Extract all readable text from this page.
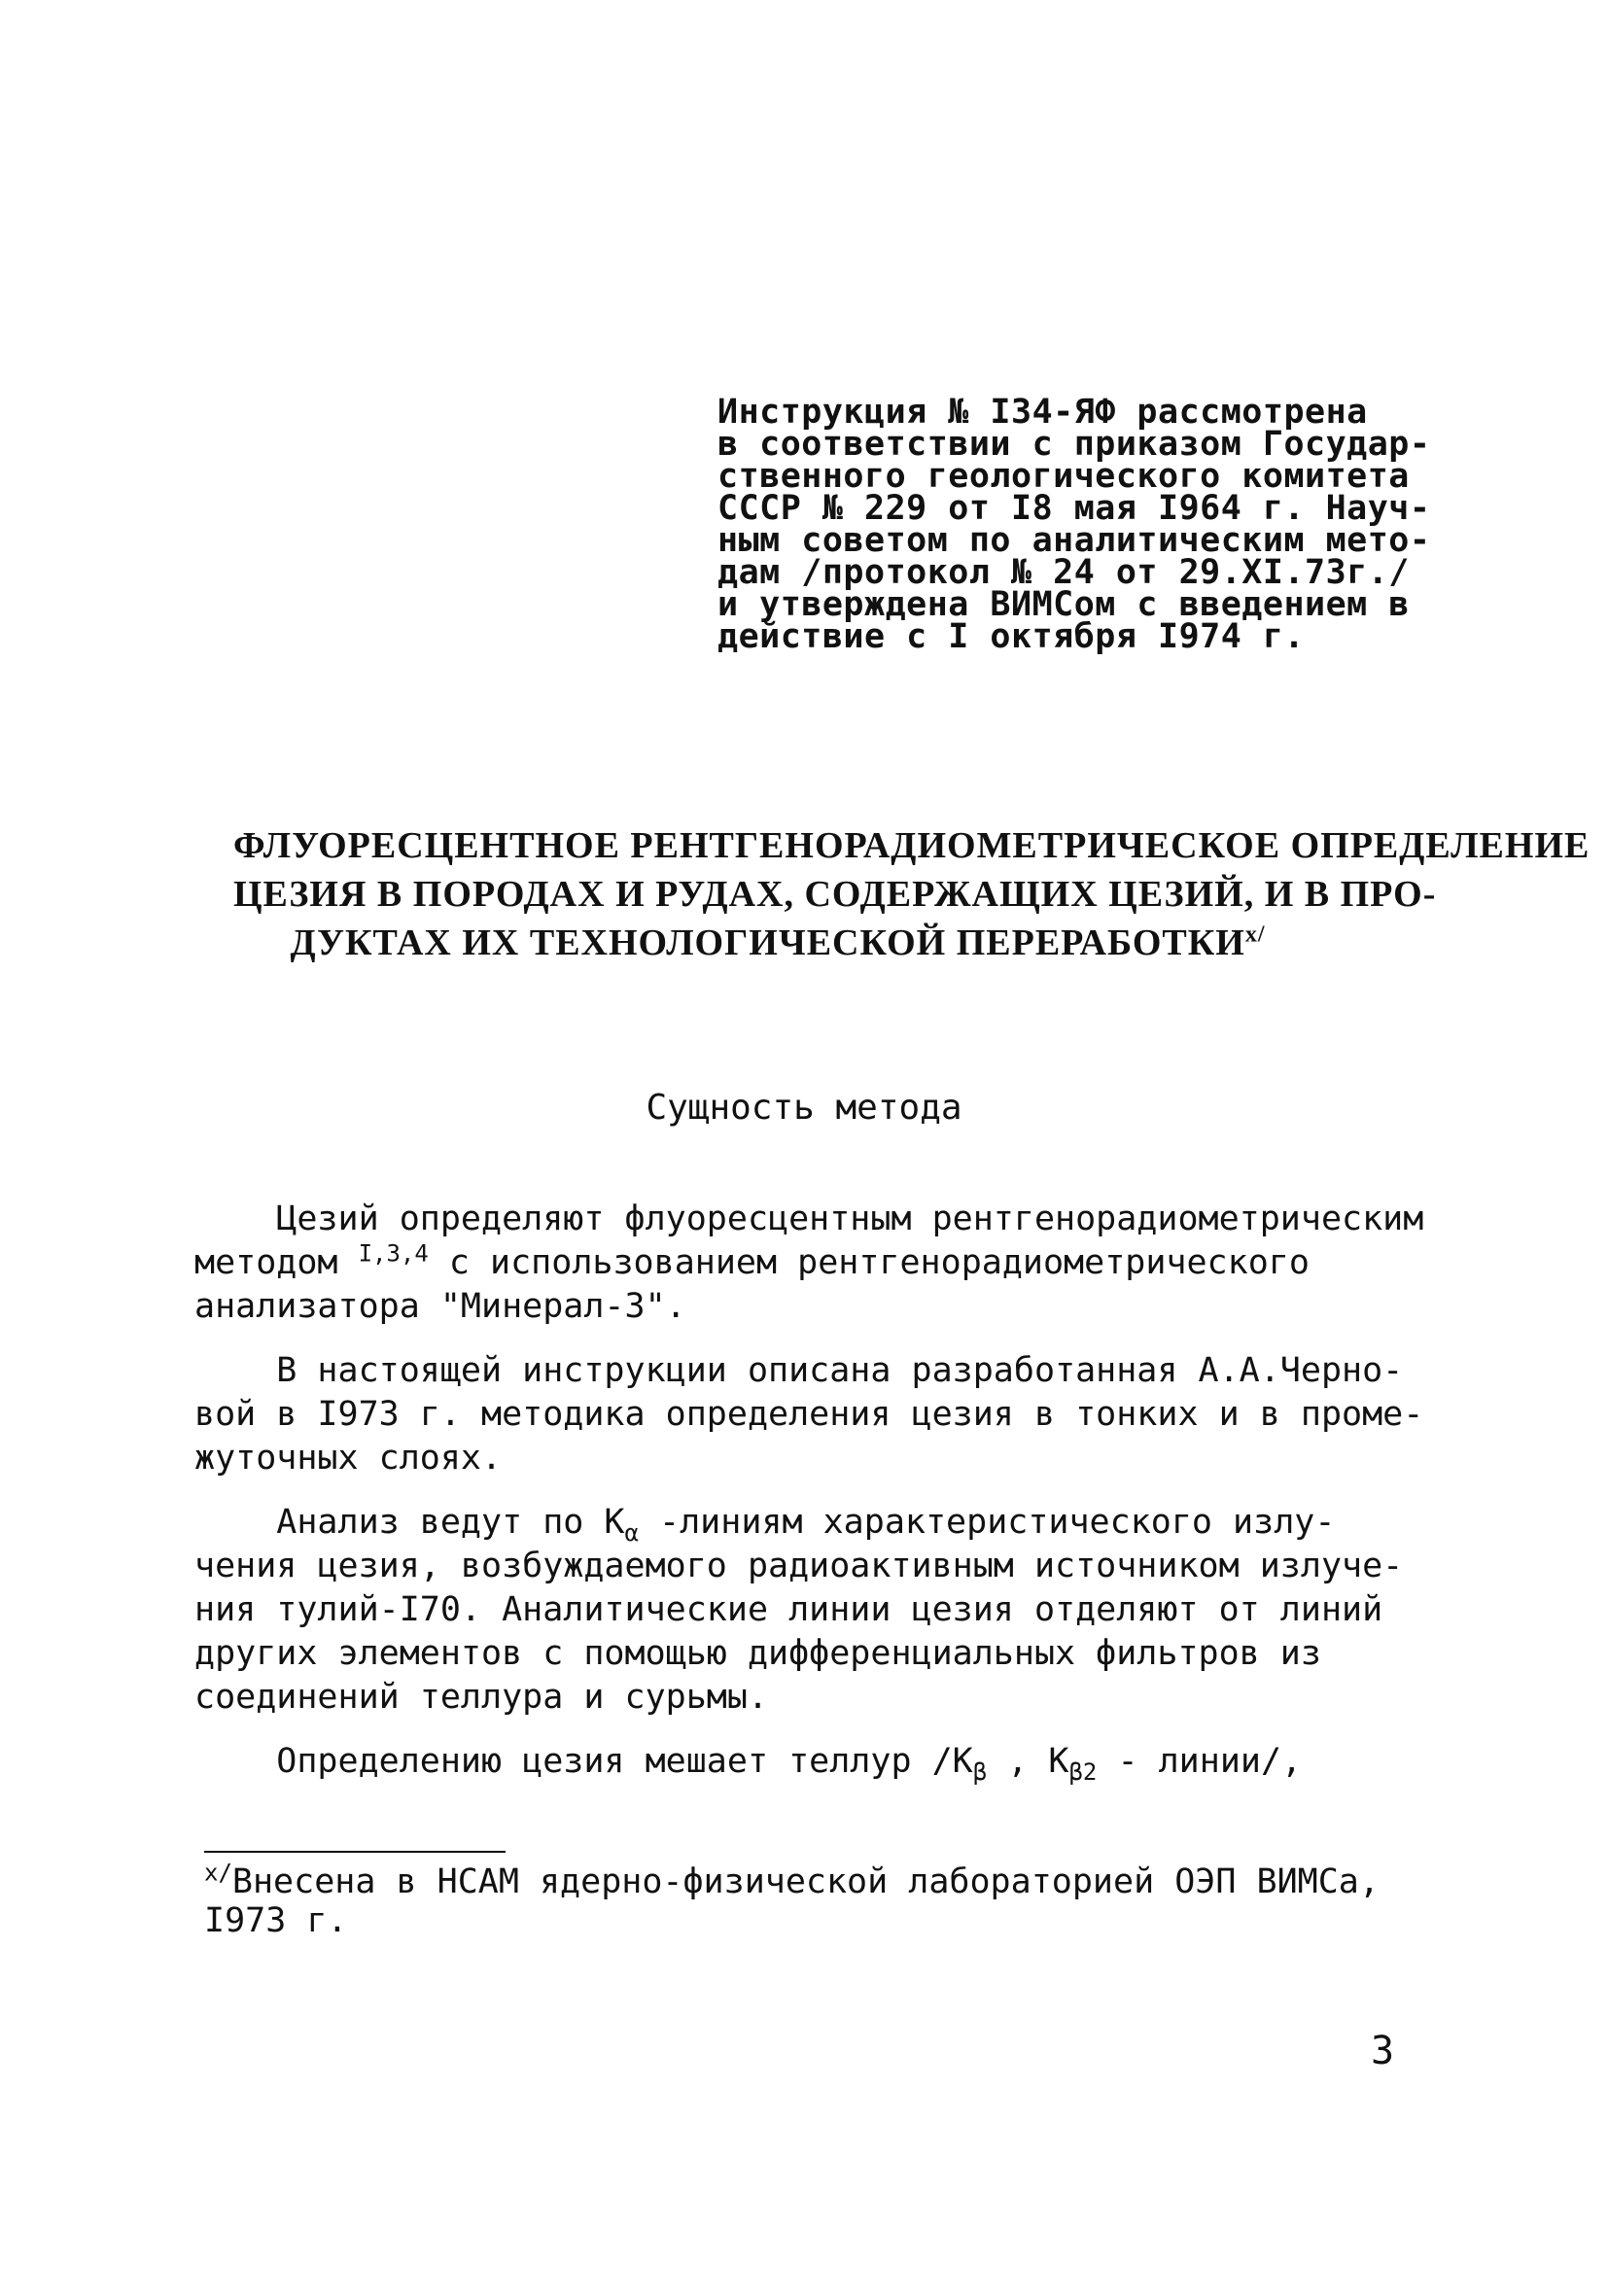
Инструкция № I34-ЯФ рассмотрена
в соответствии с приказом Государ-
ственного геологического комитета
СССР № 229 от I8 мая I964 г. Науч-
ным советом по аналитическим мето-
дам /протокол № 24 от 29.XI.73г./
и утверждена ВИМСом с введением в
действие с I октября I974 г.
ФЛУОРЕСЦЕНТНОЕ РЕНТГЕНОРАДИОМЕТРИЧЕСКОЕ ОПРЕДЕЛЕНИЕ
ЦЕЗИЯ В ПОРОДАХ И РУДАХ, СОДЕРЖАЩИХ ЦЕЗИЙ, И В ПРО-
ДУКТАХ ИХ ТЕХНОЛОГИЧЕСКОЙ $ПЕРЕРАБОТКИ^{x/}$
Сущность метода

Цезий определяют флуоресцентным рентгенорадиометрическим
методом $^{I,3,4}$ с использованием рентгенорадиометрического
анализатора "Минерал-3".

В настоящей инструкции описана разработанная А.А.Черно-
вой в I973 г. методика определения цезия в тонких и в проме-
жуточных слоях.

Анализ ведут по $K_\alpha$ -линиям характеристического излу-
чения цезия, возбуждаемого радиоактивным источником излуче-
ния тулий-I70. Аналитические линии цезия отделяют от линий
других элементов с помощью дифференциальных фильтров из
соединений теллура и сурьмы.

Определению цезия мешает теллур $/K_\beta$ , $K_{\beta 2}$ - линии/,

$^{x/}$Внесена в НСАМ ядерно-физической лабораторией ОЭП ВИМСа,
I973 г.
3
